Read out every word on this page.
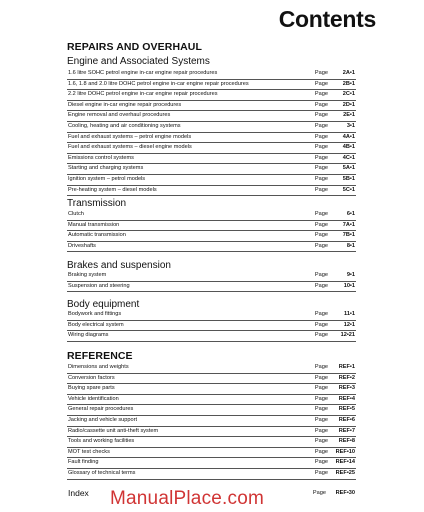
Contents
REPAIRS AND OVERHAUL
Engine and Associated Systems
1.6 litre SOHC petrol engine in-car engine repair procedures	Page	2A•1
1.6, 1.8 and 2.0 litre DOHC petrol engine in-car engine repair procedures	Page	2B•1
2.2 litre DOHC petrol engine in-car engine repair procedures	Page	2C•1
Diesel engine in-car engine repair procedures	Page	2D•1
Engine removal and overhaul procedures	Page	2E•1
Cooling, heating and air conditioning systems	Page	3•1
Fuel and exhaust systems – petrol engine models	Page	4A•1
Fuel and exhaust systems – diesel engine models	Page	4B•1
Emissions control systems	Page	4C•1
Starting and charging systems	Page	5A•1
Ignition system – petrol models	Page	5B•1
Pre-heating system – diesel models	Page	5C•1
Transmission
Clutch	Page	6•1
Manual transmission	Page	7A•1
Automatic transmission	Page	7B•1
Driveshafts	Page	8•1
Brakes and suspension
Braking system	Page	9•1
Suspension and steering	Page	10•1
Body equipment
Bodywork and fittings	Page	11•1
Body electrical system	Page	12•1
Wiring diagrams	Page 12•21
REFERENCE
Dimensions and weights	Page REF•1
Conversion factors	Page REF•2
Buying spare parts	Page REF•3
Vehicle identification	Page REF•4
General repair procedures	Page REF•5
Jacking and vehicle support	Page REF•6
Radio/cassette unit anti-theft system	Page REF•7
Tools and working facilities	Page REF•8
MOT test checks	Page REF•10
Fault finding	Page REF•14
Glossary of technical terms	Page REF•25
Index	Page REF•30
ManualPlace.com
